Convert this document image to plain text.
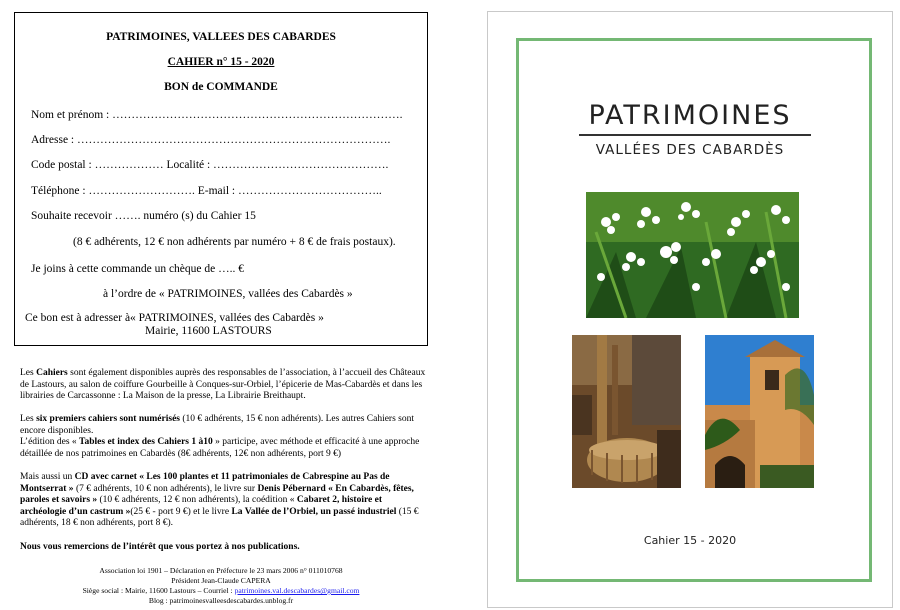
PATRIMOINES, VALLEES DES CABARDES
CAHIER n° 15 - 2020
BON de COMMANDE
Nom et prénom : ………………………………………………………………….
Adresse : ……………………………………………………………………….
Code postal : ……………… Localité : ……………………………………….
Téléphone : ………………………. E-mail : ………………………………..
Souhaite recevoir ……. numéro (s) du Cahier 15
(8 € adhérents, 12 € non adhérents par numéro + 8 € de frais postaux).
Je joins à cette commande un chèque de ….. €
à l’ordre de « PATRIMOINES, vallées des Cabardès »
Ce bon est à adresser à« PATRIMOINES, vallées des Cabardès »
Mairie, 11600 LASTOURS

Les Cahiers sont également disponibles auprès des responsables de l’association, à l’accueil des Châteaux de Lastours, au salon de coiffure Gourbeille à Conques-sur-Orbiel, l’épicerie de Mas-Cabardès et dans les librairies de Carcassonne : La Maison de la presse, La Librairie Breithaupt.

Les six premiers cahiers sont numérisés (10 € adhérents, 15 € non adhérents). Les autres Cahiers sont encore disponibles.

L’édition des « Tables et index des Cahiers 1 à10 » participe, avec méthode et efficacité à une approche détaillée de nos patrimoines en Cabardès (8€ adhérents, 12€ non adhérents, port 9 €)

Mais aussi un CD avec carnet « Les 100 plantes et 11 patrimoniales de Cabrespine au Pas de Montserrat » (7 € adhérents, 10 € non adhérents), le livre sur Denis Pébernard « En Cabardès, fêtes, paroles et savoirs » (10 € adhérents, 12 € non adhérents), la coédition « Cabaret 2, histoire et archéologie d’un castrum »(25 € - port 9 €) et le livre La Vallée de l’Orbiel, un passé industriel (15 € adhérents, 18 € non adhérents, port 8 €).

Nous vous remercions de l’intérêt que vous portez à nos publications.

Association loi 1901 – Déclaration en Préfecture le 23 mars 2006 n° 011010768
Président Jean-Claude CAPERA
Siège social : Mairie, 11600 Lastours – Courriel : patrimoines.val.descabardes@gmail.com
Blog : patrimoinesvalleesdescabardes.unblog.fr
PATRIMOINES
VALLÉES DES CABARDÈS
Cahier 15 - 2020
